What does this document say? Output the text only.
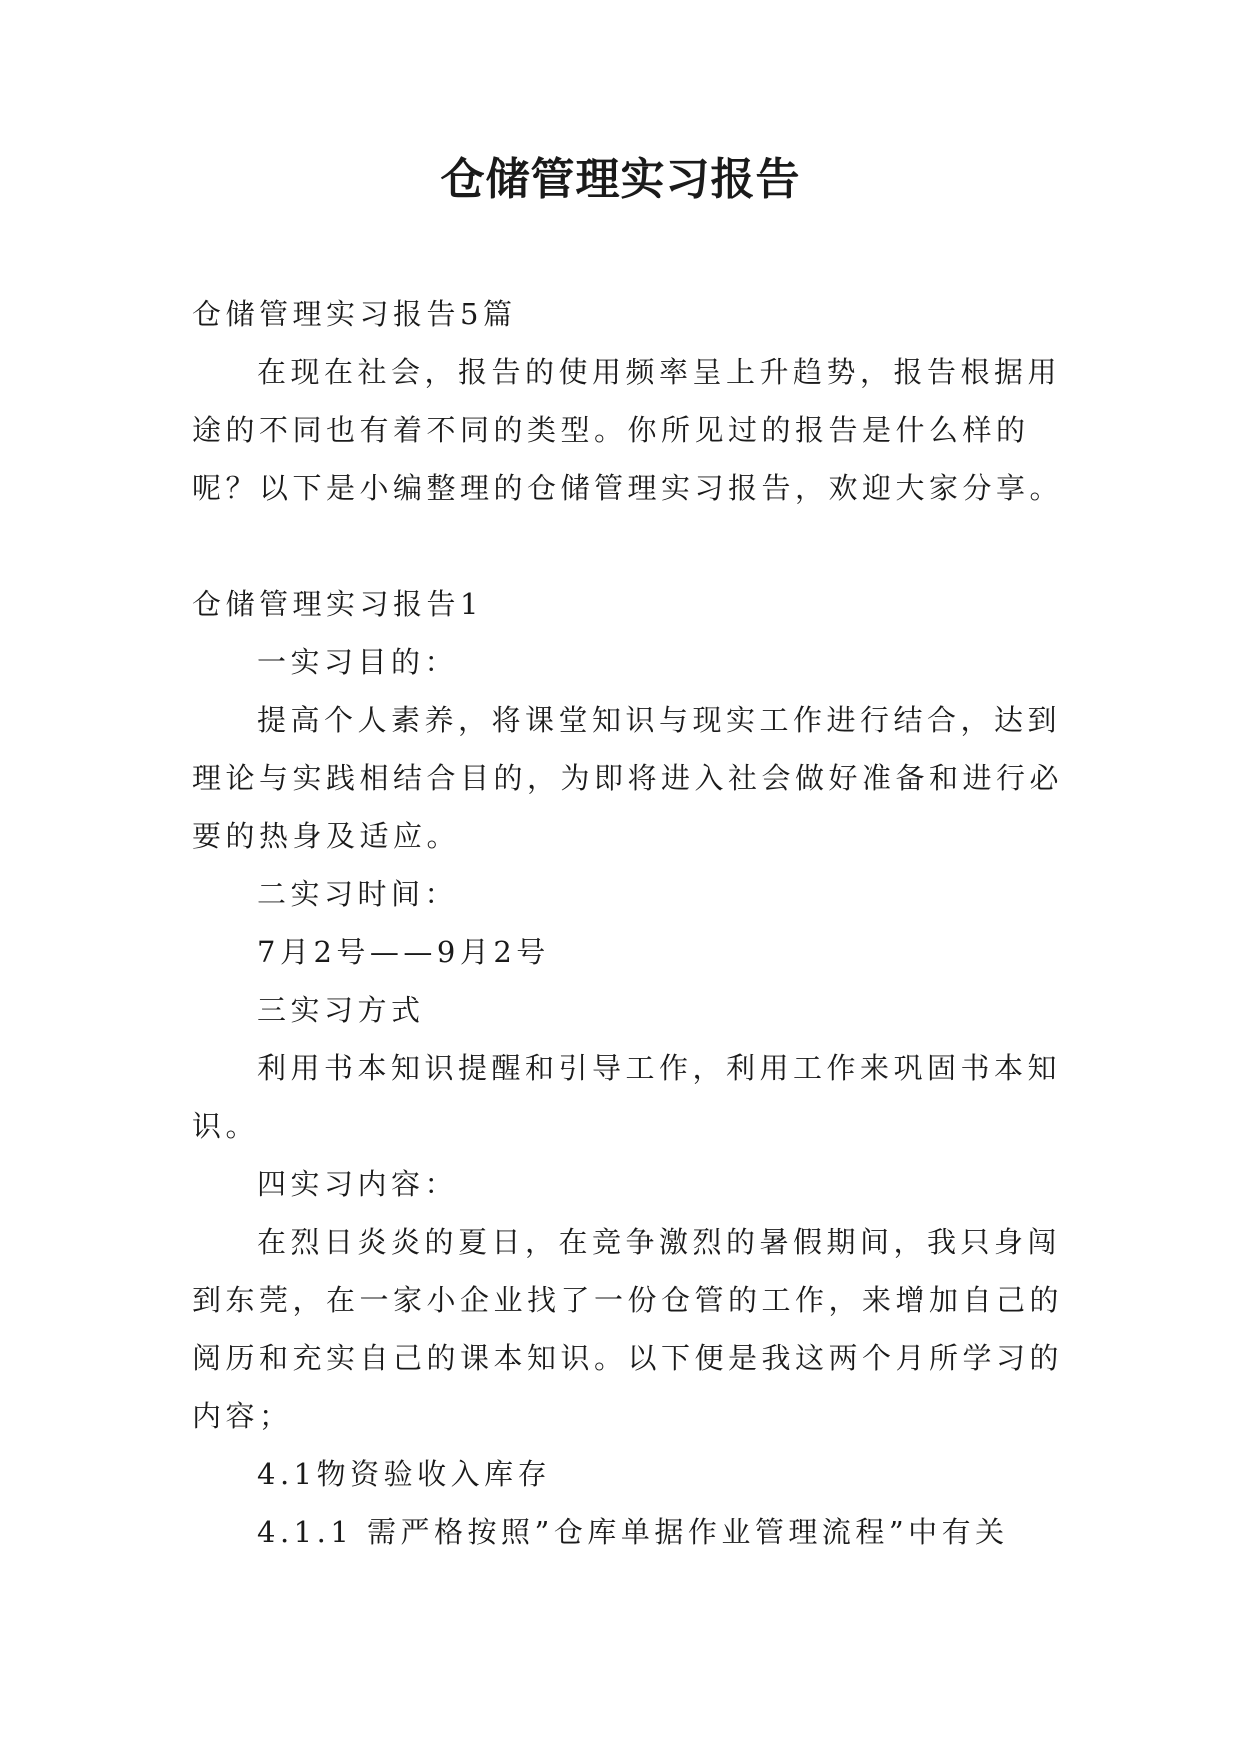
仓储管理实习报告
仓储管理实习报告5篇
在现在社会，报告的使用频率呈上升趋势，报告根据用
途的不同也有着不同的类型。你所见过的报告是什么样的
呢？以下是小编整理的仓储管理实习报告，欢迎大家分享。
仓储管理实习报告1
一实习目的：
提高个人素养，将课堂知识与现实工作进行结合，达到
理论与实践相结合目的，为即将进入社会做好准备和进行必
要的热身及适应。
二实习时间：
7月2号——9月2号
三实习方式
利用书本知识提醒和引导工作，利用工作来巩固书本知
识。
四实习内容：
在烈日炎炎的夏日，在竞争激烈的暑假期间，我只身闯
到东莞，在一家小企业找了一份仓管的工作，来增加自己的
阅历和充实自己的课本知识。以下便是我这两个月所学习的
内容；
4.1物资验收入库存
4.1.1 需严格按照”仓库单据作业管理流程”中有关
